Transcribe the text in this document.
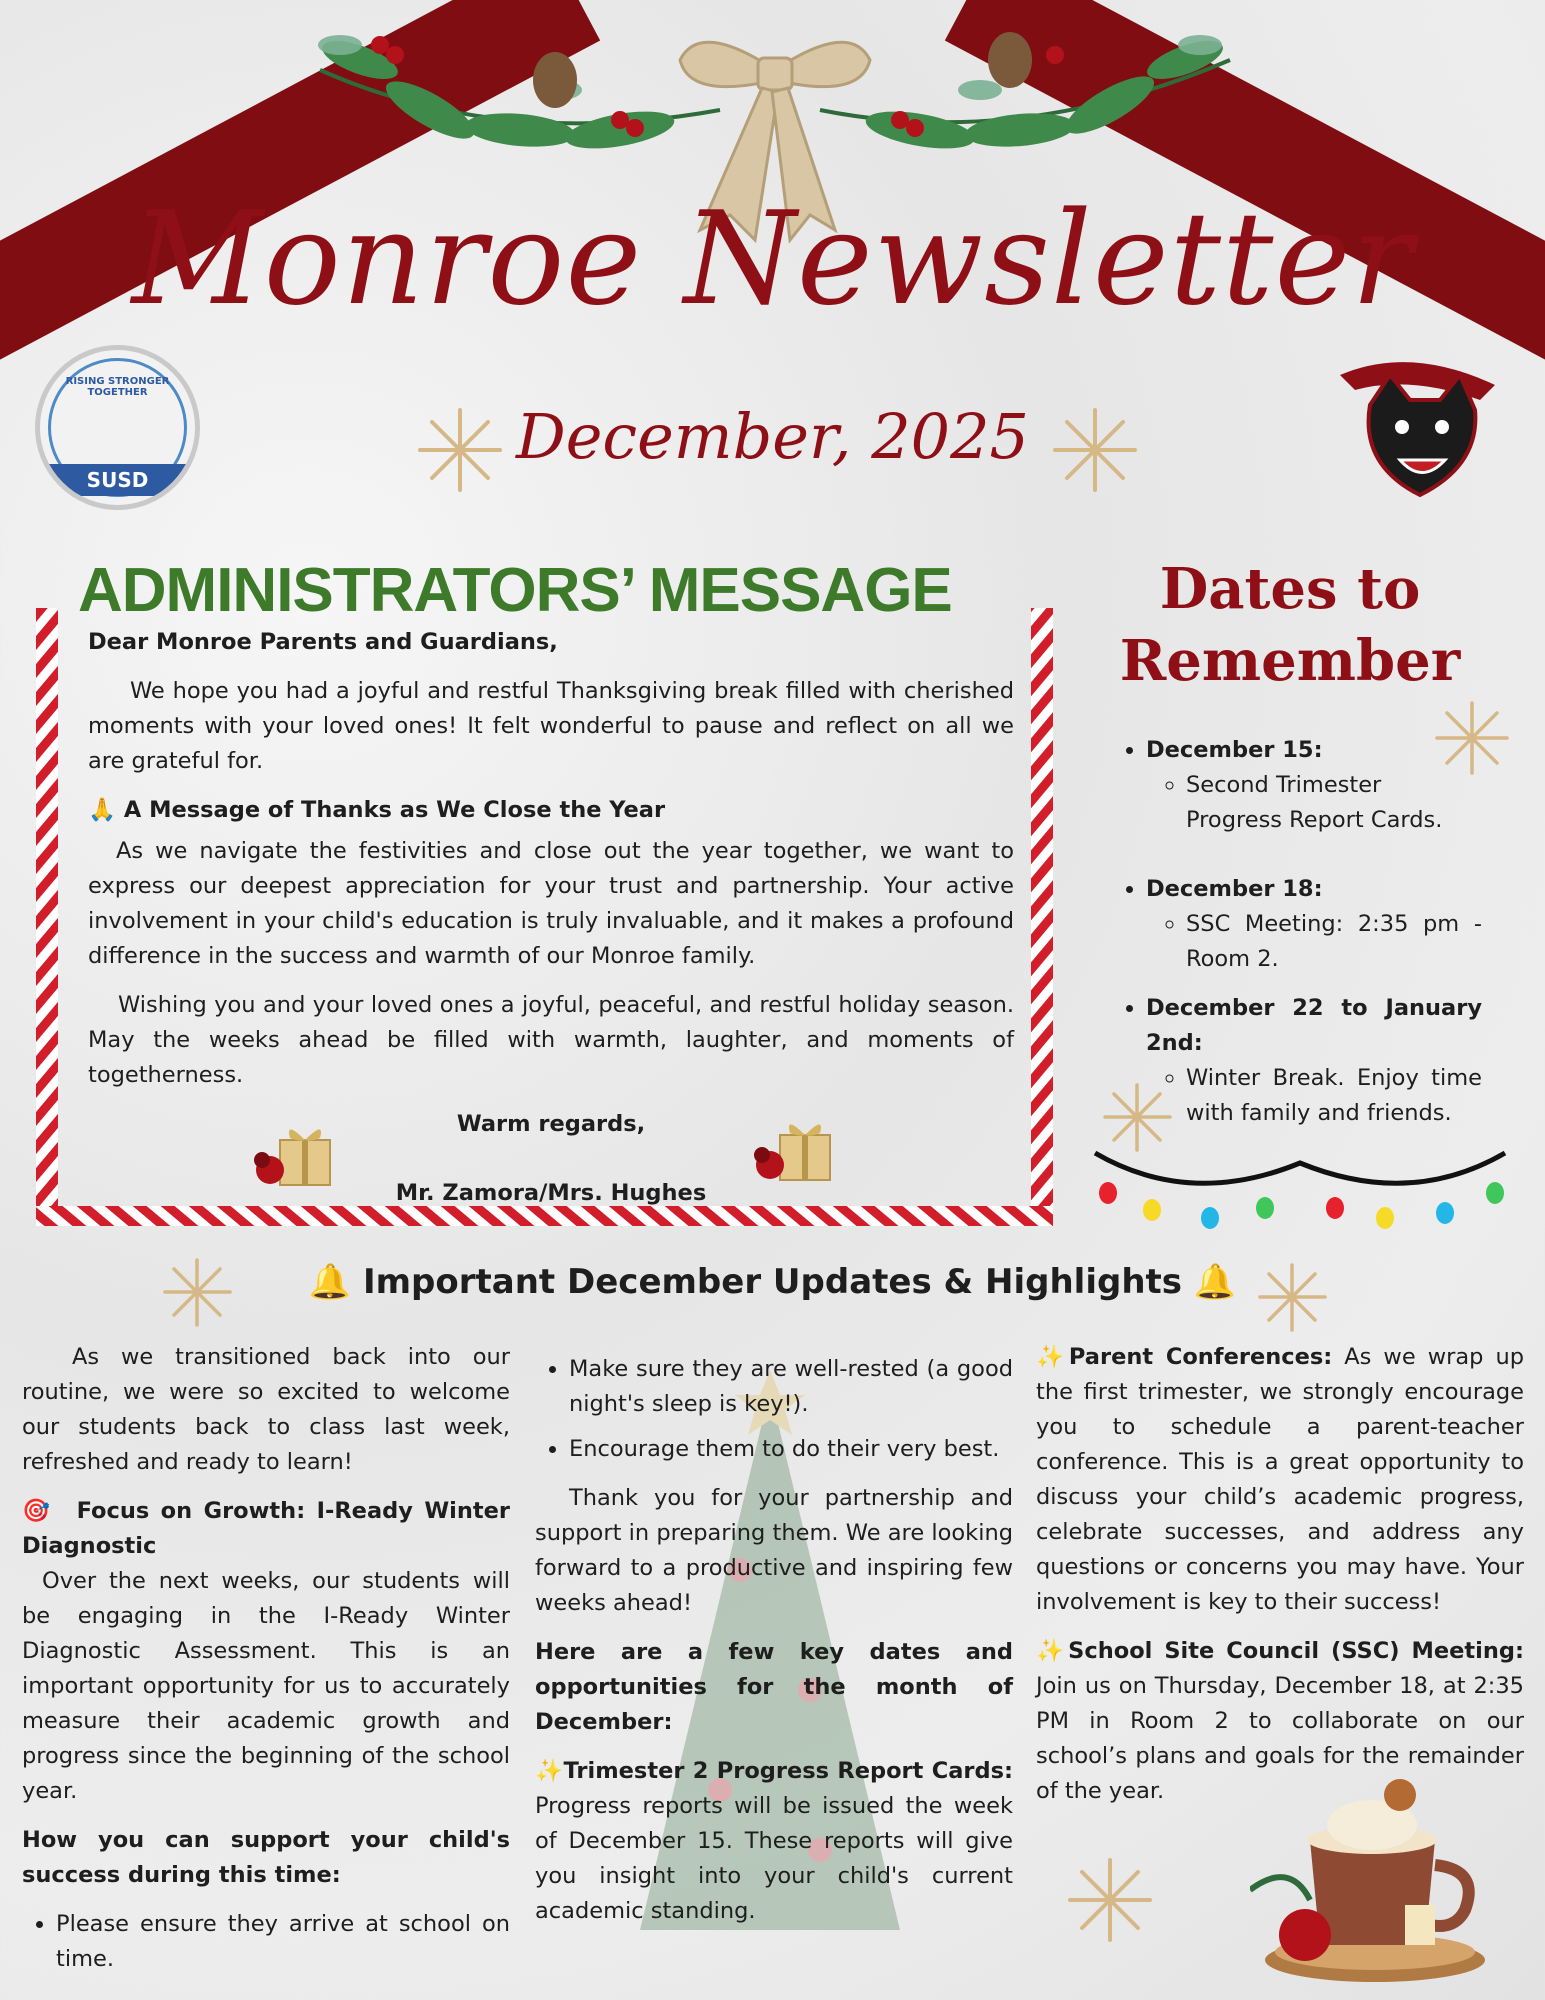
Monroe Newsletter
December, 2025
RISING STRONGER TOGETHER
SUSD
ADMINISTRATORS’ MESSAGE

Dear Monroe Parents and Guardians,

We hope you had a joyful and restful Thanksgiving break filled with cherished moments with your loved ones! It felt wonderful to pause and reflect on all we are grateful for.

🙏 A Message of Thanks as We Close the Year

As we navigate the festivities and close out the year together, we want to express our deepest appreciation for your trust and partnership. Your active involvement in your child's education is truly invaluable, and it makes a profound difference in the success and warmth of our Monroe family.

Wishing you and your loved ones a joyful, peaceful, and restful holiday season. May the weeks ahead be filled with warmth, laughter, and moments of togetherness.

Warm regards,

Mr. Zamora/Mrs. Hughes

Dates to
Remember
• December 15:
◦ Second Trimester Progress Report Cards.
• December 18:
◦ SSC Meeting: 2:35 pm - Room 2.
• December 22 to January 2nd:
◦ Winter Break. Enjoy time with family and friends.
🔔 Important December Updates & Highlights 🔔

As we transitioned back into our routine, we were so excited to welcome our students back to class last week, refreshed and ready to learn!

🎯 Focus on Growth: I-Ready Winter Diagnostic

Over the next weeks, our students will be engaging in the I-Ready Winter Diagnostic Assessment. This is an important opportunity for us to accurately measure their academic growth and progress since the beginning of the school year.

How you can support your child's success during this time:

• Please ensure they arrive at school on time.
• Make sure they are well-rested (a good night's sleep is key!).
• Encourage them to do their very best.

Thank you for your partnership and support in preparing them. We are looking forward to a productive and inspiring few weeks ahead!

Here are a few key dates and opportunities for the month of December:

✨Trimester 2 Progress Report Cards: Progress reports will be issued the week of December 15. These reports will give you insight into your child's current academic standing.

✨Parent Conferences: As we wrap up the first trimester, we strongly encourage you to schedule a parent-teacher conference. This is a great opportunity to discuss your child’s academic progress, celebrate successes, and address any questions or concerns you may have. Your involvement is key to their success!

✨School Site Council (SSC) Meeting: Join us on Thursday, December 18, at 2:35 PM in Room 2 to collaborate on our school’s plans and goals for the remainder of the year.
